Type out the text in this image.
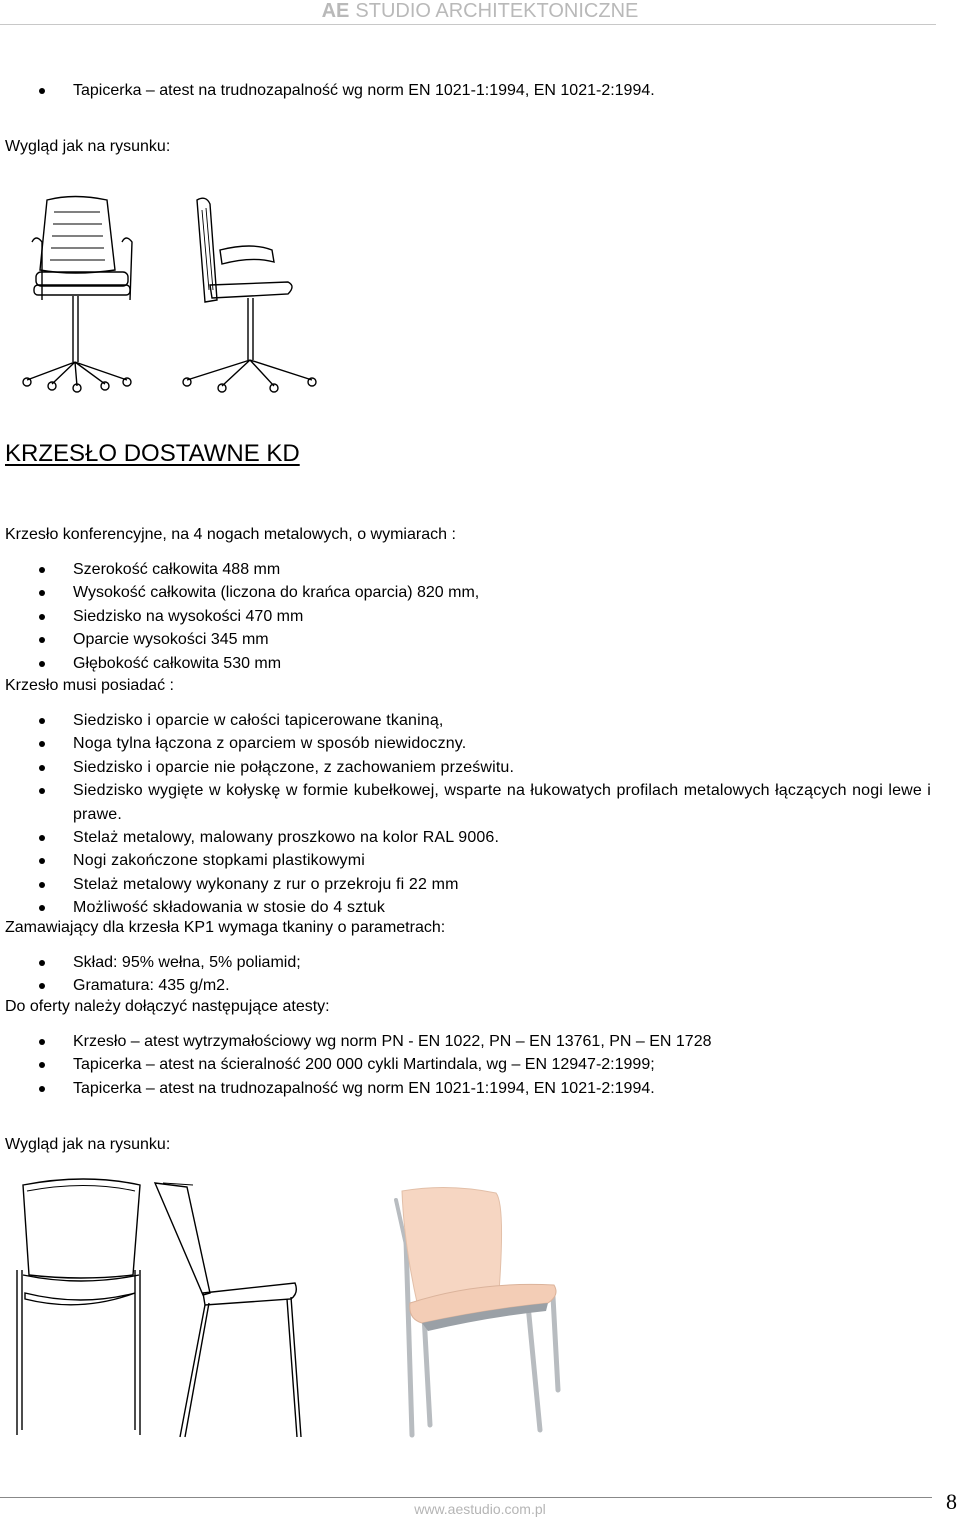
AE STUDIO ARCHITEKTONICZNE
Tapicerka – atest na trudnozapalność wg norm EN 1021-1:1994, EN 1021-2:1994.
Wygląd jak na rysunku:
KRZESŁO DOSTAWNE KD
Krzesło konferencyjne, na 4 nogach metalowych, o wymiarach :
Szerokość całkowita 488 mm
Wysokość całkowita (liczona do krańca oparcia) 820 mm,
Siedzisko na wysokości 470 mm
Oparcie wysokości 345 mm
Głębokość całkowita 530 mm
Krzesło musi posiadać :
Siedzisko i oparcie w całości tapicerowane tkaniną,
Noga tylna łączona z oparciem w sposób niewidoczny.
Siedzisko i oparcie nie połączone, z zachowaniem prześwitu.
Siedzisko wygięte w kołyskę w formie kubełkowej, wsparte na łukowatych profilach metalowych łączących nogi lewe i prawe.
Stelaż metalowy, malowany proszkowo na kolor RAL 9006.
Nogi zakończone stopkami plastikowymi
Stelaż metalowy wykonany z rur o przekroju fi 22 mm
Możliwość składowania w stosie do 4 sztuk
Zamawiający dla krzesła KP1 wymaga tkaniny o parametrach:
Skład: 95% wełna, 5% poliamid;
Gramatura: 435 g/m2.
Do oferty należy dołączyć następujące atesty:
Krzesło – atest wytrzymałościowy wg norm PN - EN 1022, PN – EN 13761, PN – EN 1728
Tapicerka – atest na ścieralność 200 000 cykli Martindala, wg – EN 12947-2:1999;
Tapicerka – atest na trudnozapalność wg norm EN 1021-1:1994, EN 1021-2:1994.
Wygląd jak na rysunku:
www.aestudio.com.pl	8
